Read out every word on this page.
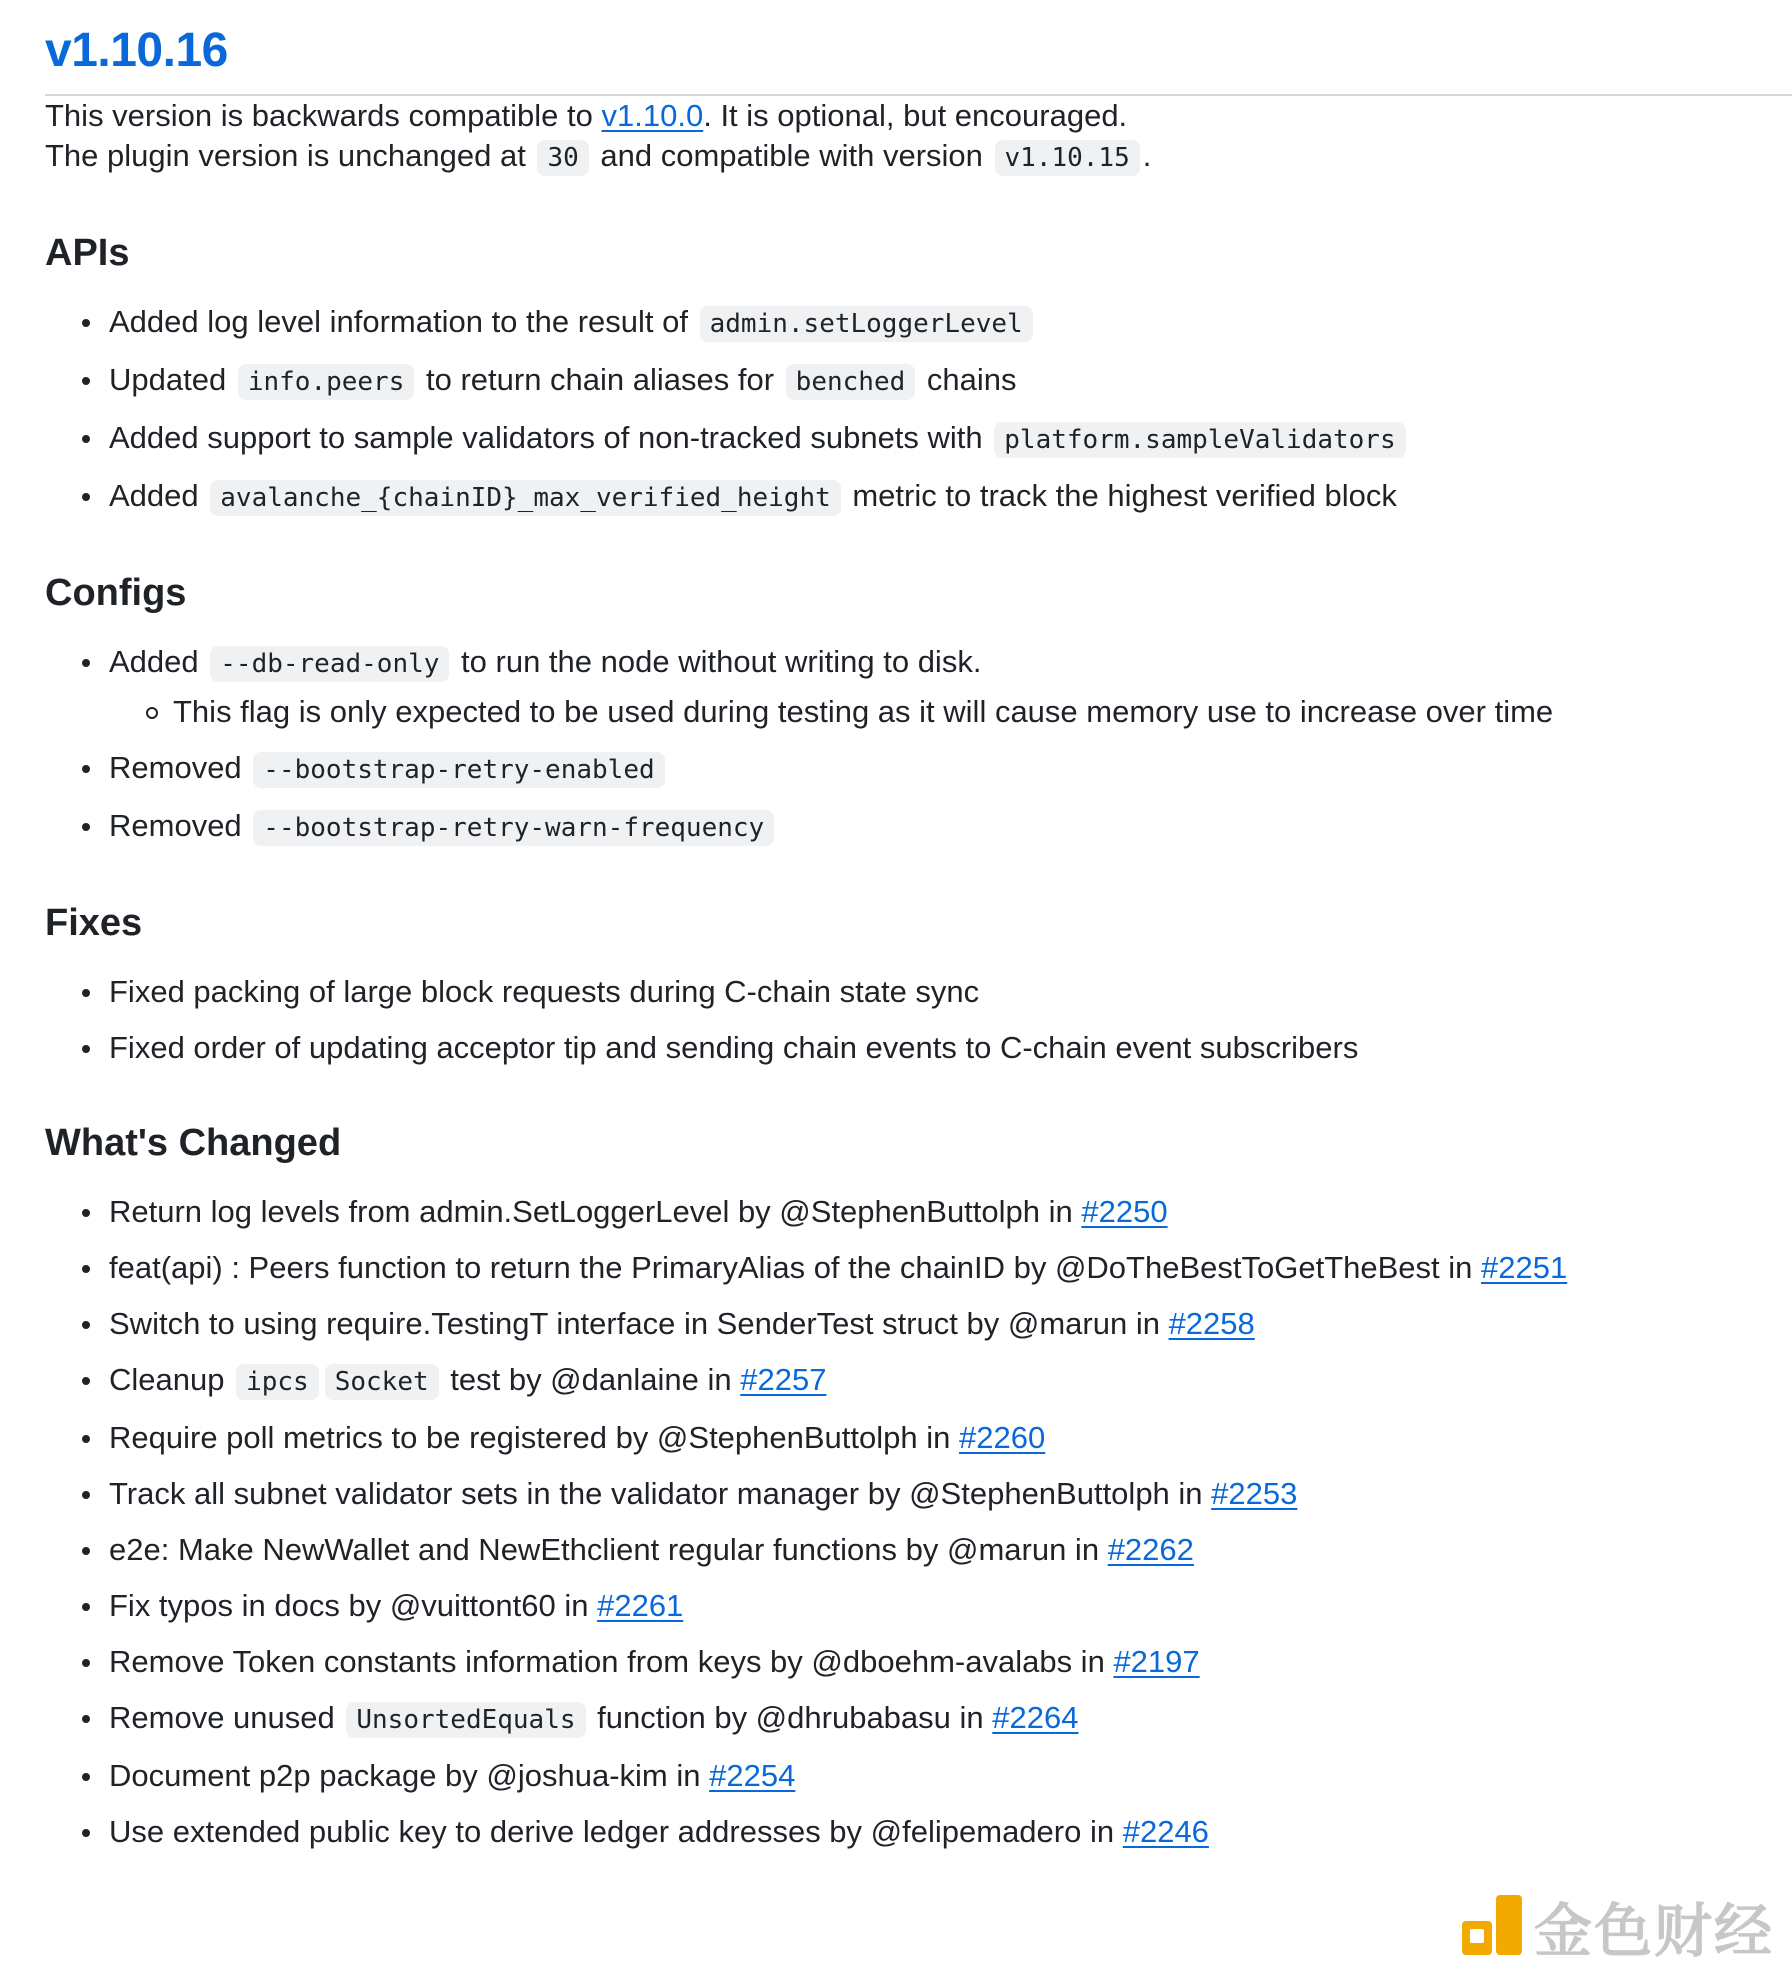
v1.10.16

This version is backwards compatible to v1.10.0. It is optional, but encouraged.

The plugin version is unchanged at 30 and compatible with version v1.10.15 .

APIs
Added log level information to the result of admin.setLoggerLevel
Updated info.peers to return chain aliases for benched chains
Added support to sample validators of non-tracked subnets with platform.sampleValidators
Added avalanche_{chainID}_max_verified_height metric to track the highest verified block
Configs
Added --db-read-only to run the node without writing to disk.
This flag is only expected to be used during testing as it will cause memory use to increase over time
Removed --bootstrap-retry-enabled
Removed --bootstrap-retry-warn-frequency
Fixes
Fixed packing of large block requests during C-chain state sync
Fixed order of updating acceptor tip and sending chain events to C-chain event subscribers
What's Changed
Return log levels from admin.SetLoggerLevel by @StephenButtolph in #2250
feat(api) : Peers function to return the PrimaryAlias of the chainID by @DoTheBestToGetTheBest in #2251
Switch to using require.TestingT interface in SenderTest struct by @marun in #2258
Cleanup ipcs Socket test by @danlaine in #2257
Require poll metrics to be registered by @StephenButtolph in #2260
Track all subnet validator sets in the validator manager by @StephenButtolph in #2253
e2e: Make NewWallet and NewEthclient regular functions by @marun in #2262
Fix typos in docs by @vuittont60 in #2261
Remove Token constants information from keys by @dboehm-avalabs in #2197
Remove unused UnsortedEquals function by @dhrubabasu in #2264
Document p2p package by @joshua-kim in #2254
Use extended public key to derive ledger addresses by @felipemadero in #2246
金色财经
